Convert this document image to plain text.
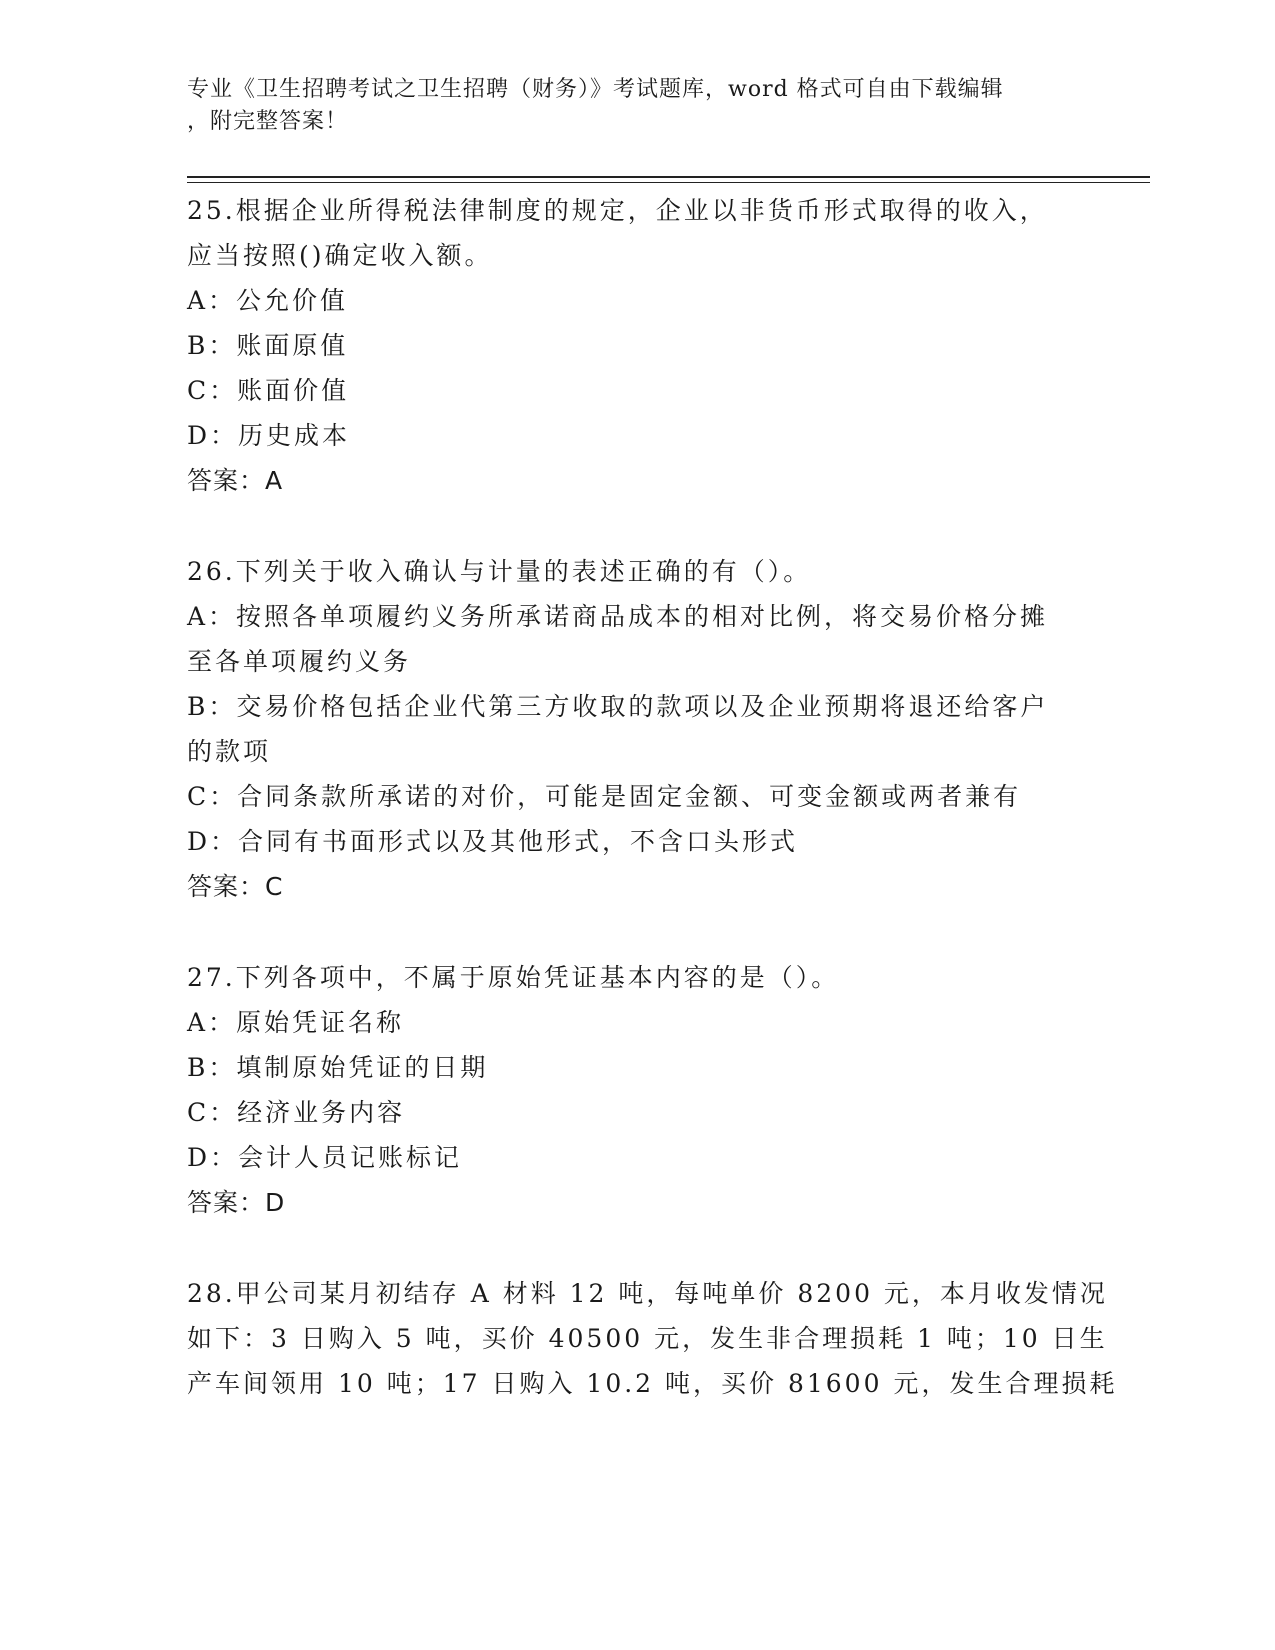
专业《卫生招聘考试之卫生招聘（财务）》考试题库，word 格式可自由下载编辑
，附完整答案！
25.根据企业所得税法律制度的规定，企业以非货币形式取得的收入，
应当按照()确定收入额。
A：公允价值
B：账面原值
C：账面价值
D：历史成本
答案：A
26.下列关于收入确认与计量的表述正确的有（）。
A：按照各单项履约义务所承诺商品成本的相对比例，将交易价格分摊
至各单项履约义务
B：交易价格包括企业代第三方收取的款项以及企业预期将退还给客户
的款项
C：合同条款所承诺的对价，可能是固定金额、可变金额或两者兼有
D：合同有书面形式以及其他形式，不含口头形式
答案：C
27.下列各项中，不属于原始凭证基本内容的是（）。
A：原始凭证名称
B：填制原始凭证的日期
C：经济业务内容
D：会计人员记账标记
答案：D
28.甲公司某月初结存 A 材料 12 吨，每吨单价 8200 元，本月收发情况
如下：3 日购入 5 吨，买价 40500 元，发生非合理损耗 1 吨；10 日生
产车间领用 10 吨；17 日购入 10.2 吨，买价 81600 元，发生合理损耗
